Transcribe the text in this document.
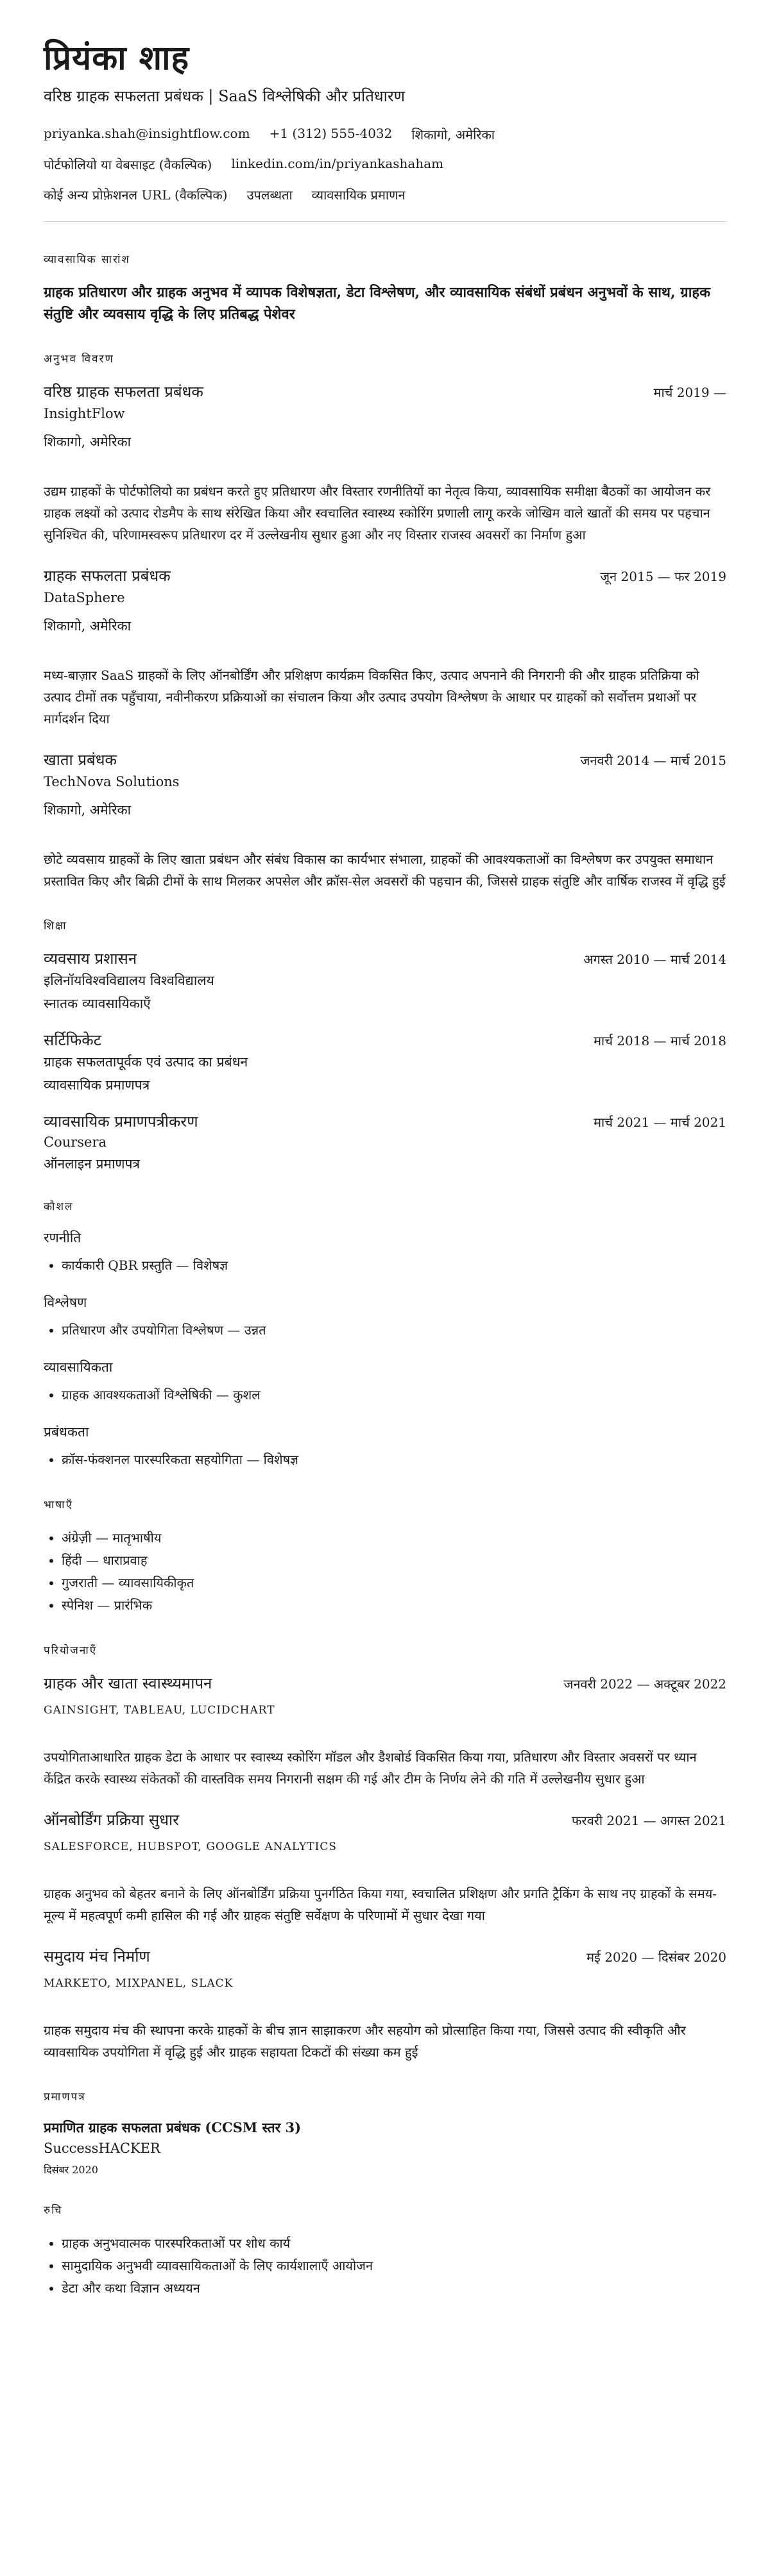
प्रियंका शाह
वरिष्ठ ग्राहक सफलता प्रबंधक | SaaS विश्लेषिकी और प्रतिधारण
priyanka.shah@insightflow.com +1 (312) 555-4032 शिकागो, अमेरिका
पोर्टफोलियो या वेबसाइट (वैकल्पिक) linkedin.com/in/priyankashaham
कोई अन्य प्रोफ़ेशनल URL (वैकल्पिक) उपलब्धता व्यावसायिक प्रमाणन
व्यावसायिक सारांश

ग्राहक प्रतिधारण और ग्राहक अनुभव में व्यापक विशेषज्ञता, डेटा विश्लेषण, और व्यावसायिक संबंधों प्रबंधन अनुभवों के साथ, ग्राहक संतुष्टि और व्यवसाय वृद्धि के लिए प्रतिबद्ध पेशेवर

अनुभव विवरण
वरिष्ठ ग्राहक सफलता प्रबंधक	मार्च 2019 —
InsightFlow
शिकागो, अमेरिका
उद्यम ग्राहकों के पोर्टफोलियो का प्रबंधन करते हुए प्रतिधारण और विस्तार रणनीतियों का नेतृत्व किया, व्यावसायिक समीक्षा बैठकों का आयोजन कर ग्राहक लक्ष्यों को उत्पाद रोडमैप के साथ संरेखित किया और स्वचालित स्वास्थ्य स्कोरिंग प्रणाली लागू करके जोखिम वाले खातों की समय पर पहचान सुनिश्चित की, परिणामस्वरूप प्रतिधारण दर में उल्लेखनीय सुधार हुआ और नए विस्तार राजस्व अवसरों का निर्माण हुआ
ग्राहक सफलता प्रबंधक	जून 2015 — फर 2019
DataSphere
शिकागो, अमेरिका
मध्य-बाज़ार SaaS ग्राहकों के लिए ऑनबोर्डिंग और प्रशिक्षण कार्यक्रम विकसित किए, उत्पाद अपनाने की निगरानी की और ग्राहक प्रतिक्रिया को उत्पाद टीमों तक पहुँचाया, नवीनीकरण प्रक्रियाओं का संचालन किया और उत्पाद उपयोग विश्लेषण के आधार पर ग्राहकों को सर्वोत्तम प्रथाओं पर मार्गदर्शन दिया
खाता प्रबंधक	जनवरी 2014 — मार्च 2015
TechNova Solutions
शिकागो, अमेरिका
छोटे व्यवसाय ग्राहकों के लिए खाता प्रबंधन और संबंध विकास का कार्यभार संभाला, ग्राहकों की आवश्यकताओं का विश्लेषण कर उपयुक्त समाधान प्रस्तावित किए और बिक्री टीमों के साथ मिलकर अपसेल और क्रॉस-सेल अवसरों की पहचान की, जिससे ग्राहक संतुष्टि और वार्षिक राजस्व में वृद्धि हुई
शिक्षा
व्यवसाय प्रशासन	अगस्त 2010 — मार्च 2014
इलिनॉयविश्वविद्यालय विश्वविद्यालय
स्नातक व्यावसायिकाएँ
सर्टिफिकेट	मार्च 2018 — मार्च 2018
ग्राहक सफलतापूर्वक एवं उत्पाद का प्रबंधन
व्यावसायिक प्रमाणपत्र
व्यावसायिक प्रमाणपत्रीकरण	मार्च 2021 — मार्च 2021
Coursera
ऑनलाइन प्रमाणपत्र
कौशल
रणनीति
• कार्यकारी QBR प्रस्तुति — विशेषज्ञ
विश्लेषण
• प्रतिधारण और उपयोगिता विश्लेषण — उन्नत
व्यावसायिकता
• ग्राहक आवश्यकताओं विश्लेषिकी — कुशल
प्रबंधकता
• क्रॉस-फंक्शनल पारस्परिकता सहयोगिता — विशेषज्ञ
भाषाएँ
• अंग्रेज़ी — मातृभाषीय
• हिंदी — धाराप्रवाह
• गुजराती — व्यावसायिकीकृत
• स्पेनिश — प्रारंभिक
परियोजनाएँ
ग्राहक और खाता स्वास्थ्यमापन	जनवरी 2022 — अक्टूबर 2022
GAINSIGHT, TABLEAU, LUCIDCHART
उपयोगिताआधारित ग्राहक डेटा के आधार पर स्वास्थ्य स्कोरिंग मॉडल और डैशबोर्ड विकसित किया गया, प्रतिधारण और विस्तार अवसरों पर ध्यान केंद्रित करके स्वास्थ्य संकेतकों की वास्तविक समय निगरानी सक्षम की गई और टीम के निर्णय लेने की गति में उल्लेखनीय सुधार हुआ
ऑनबोर्डिंग प्रक्रिया सुधार	फरवरी 2021 — अगस्त 2021
SALESFORCE, HUBSPOT, GOOGLE ANALYTICS
ग्राहक अनुभव को बेहतर बनाने के लिए ऑनबोर्डिंग प्रक्रिया पुनर्गठित किया गया, स्वचालित प्रशिक्षण और प्रगति ट्रैकिंग के साथ नए ग्राहकों के समय-मूल्य में महत्वपूर्ण कमी हासिल की गई और ग्राहक संतुष्टि सर्वेक्षण के परिणामों में सुधार देखा गया
समुदाय मंच निर्माण	मई 2020 — दिसंबर 2020
MARKETO, MIXPANEL, SLACK
ग्राहक समुदाय मंच की स्थापना करके ग्राहकों के बीच ज्ञान साझाकरण और सहयोग को प्रोत्साहित किया गया, जिससे उत्पाद की स्वीकृति और व्यावसायिक उपयोगिता में वृद्धि हुई और ग्राहक सहायता टिकटों की संख्या कम हुई
प्रमाणपत्र
प्रमाणित ग्राहक सफलता प्रबंधक (CCSM स्तर 3)
SuccessHACKER
दिसंबर 2020
रुचि
• ग्राहक अनुभवात्मक पारस्परिकताओं पर शोध कार्य
• सामुदायिक अनुभवी व्यावसायिकताओं के लिए कार्यशालाएँ आयोजन
• डेटा और कथा विज्ञान अध्ययन
